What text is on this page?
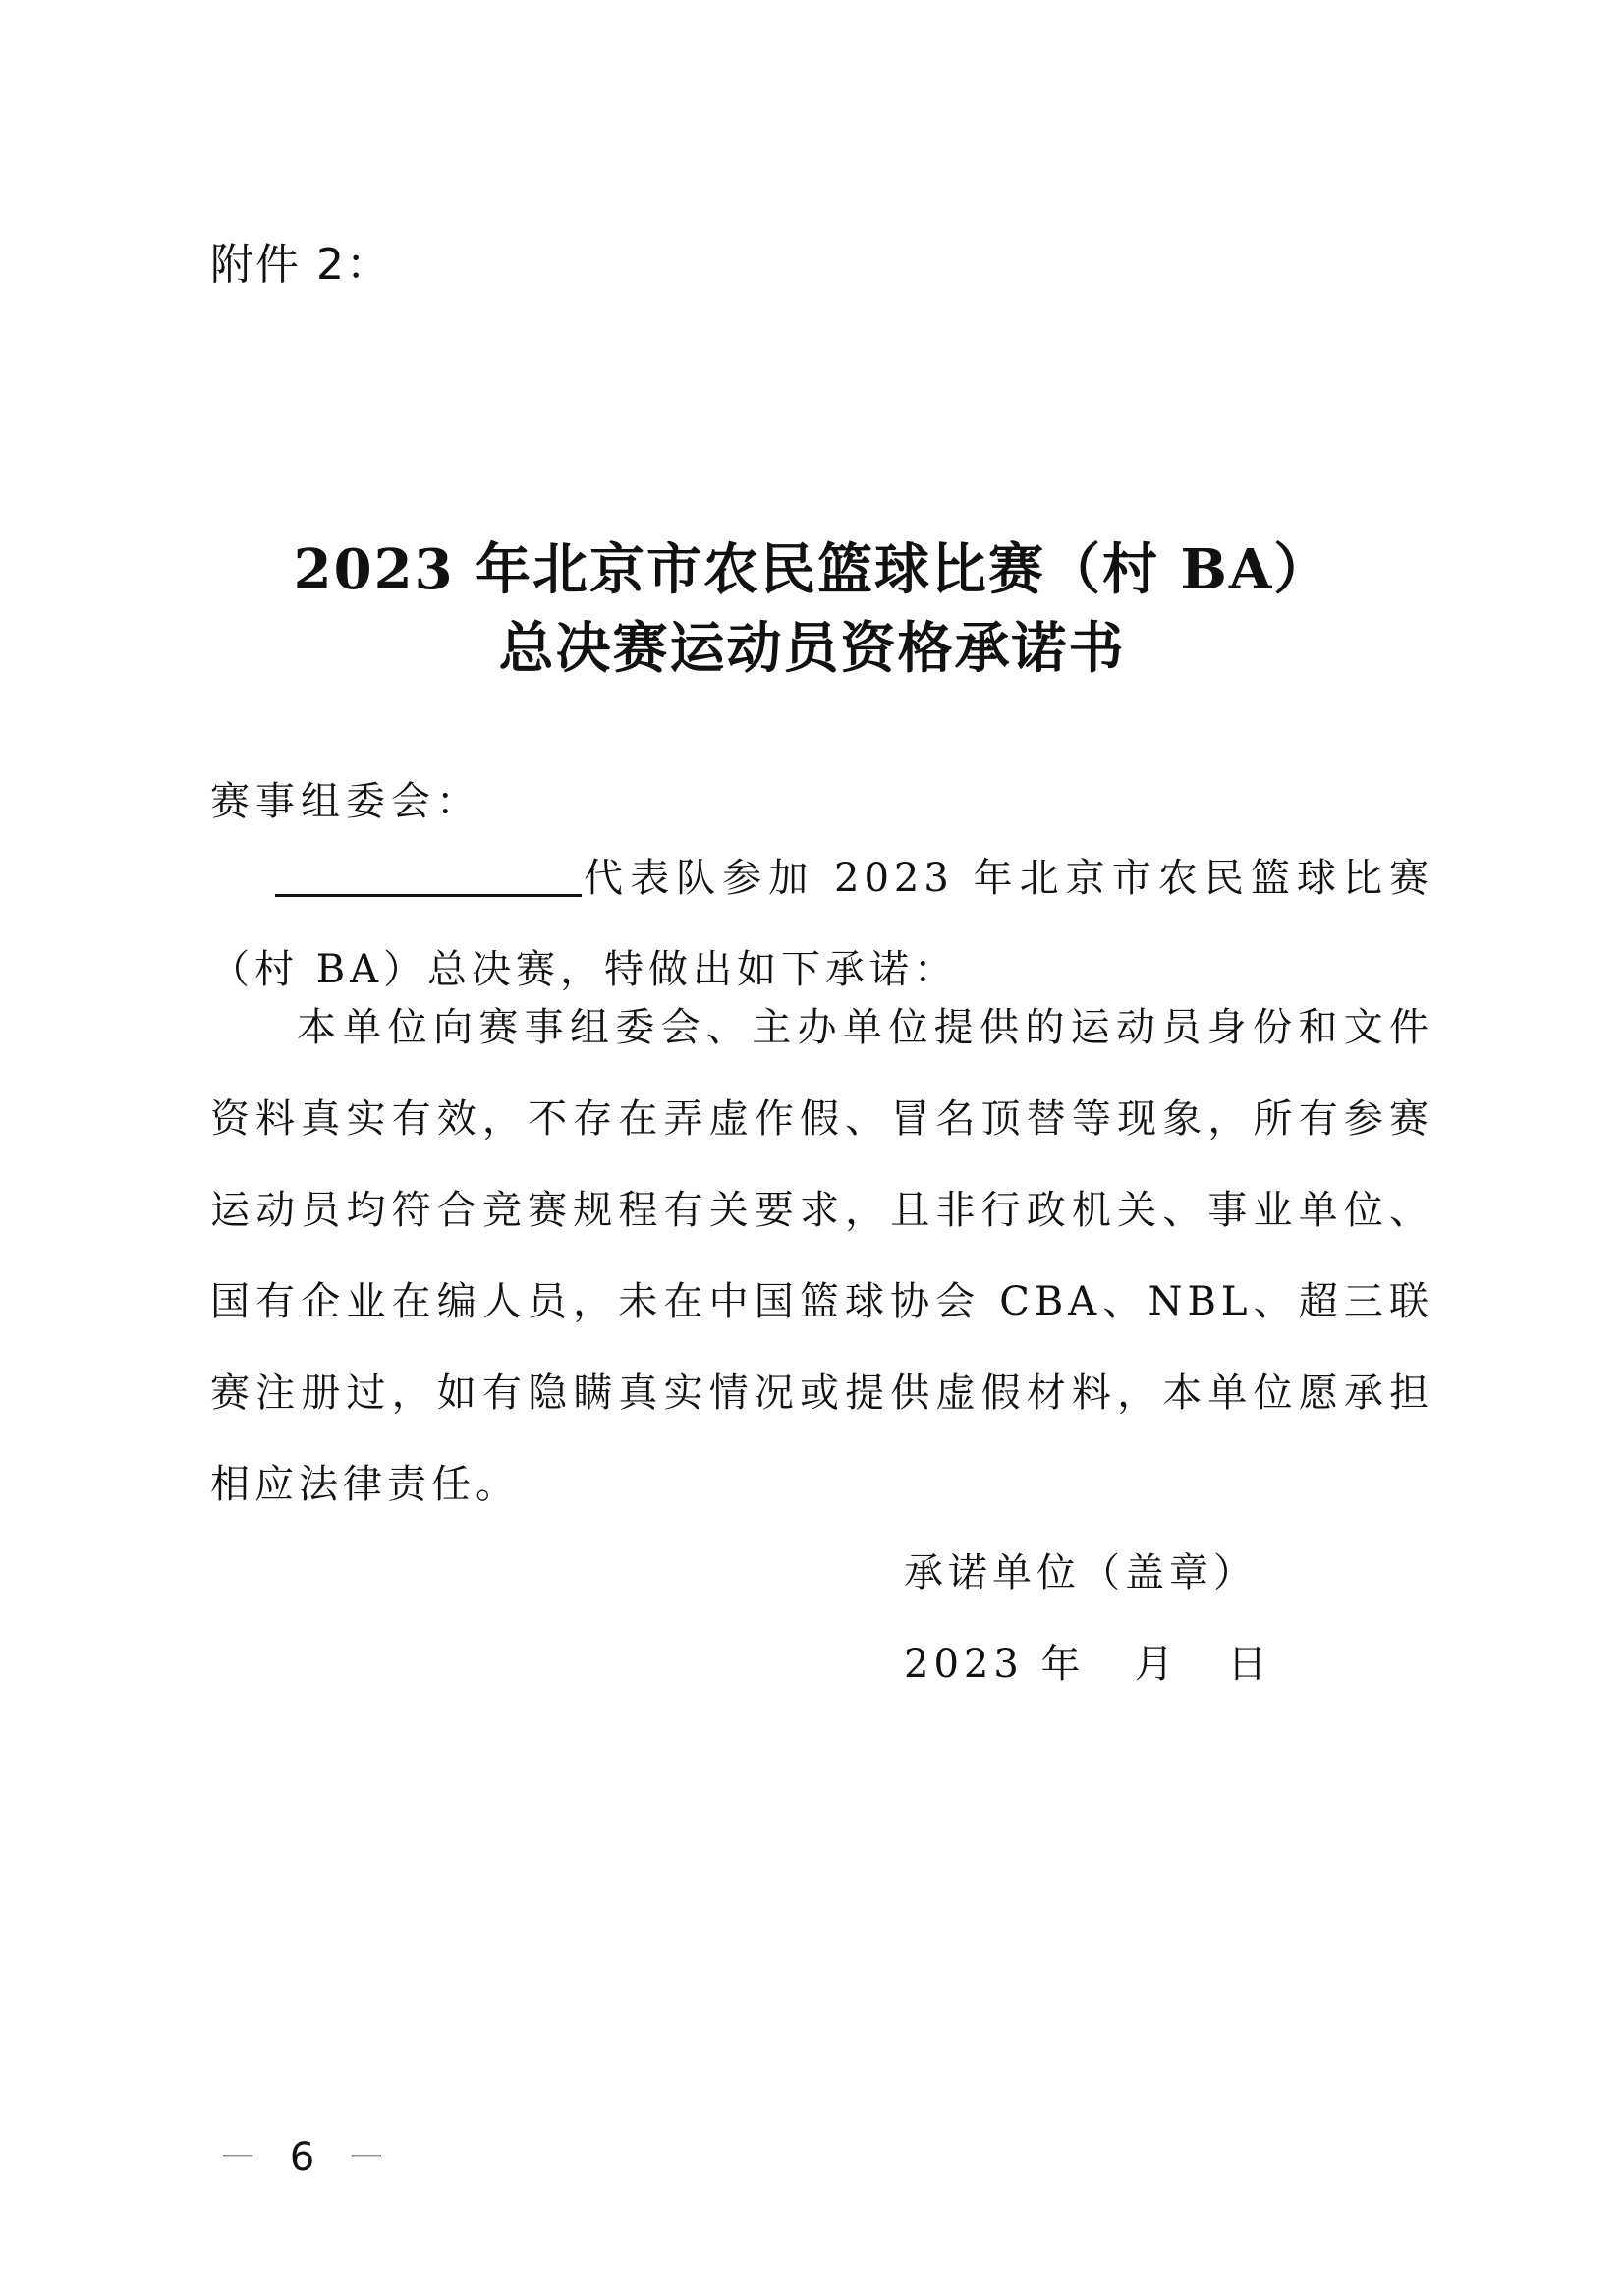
附件 2：
2023 年北京市农民篮球比赛（村 BA）
总决赛运动员资格承诺书
赛事组委会：
代表队参加 2023 年北京市农民篮球比赛（村 BA）总决赛，特做出如下承诺：
本单位向赛事组委会、主办单位提供的运动员身份和文件资料真实有效，不存在弄虚作假、冒名顶替等现象，所有参赛运动员均符合竞赛规程有关要求，且非行政机关、事业单位、国有企业在编人员，未在中国篮球协会 CBA、NBL、超三联赛注册过，如有隐瞒真实情况或提供虚假材料，本单位愿承担相应法律责任。
承诺单位（盖章）
2023 年 月 日
－ 6 －
